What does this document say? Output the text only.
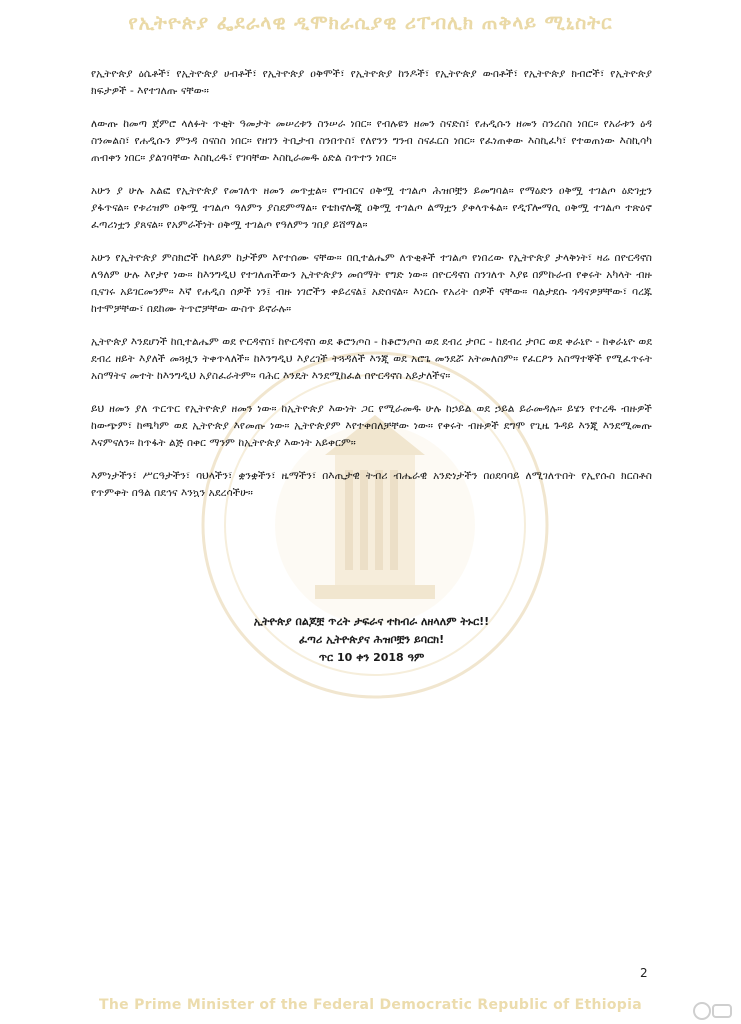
የኢትዮጵያ ፌደራላዊ ዲሞክራሲያዊ ሪፐብሊክ ጠቅላይ ሚኒስትር

የኢትዮጵያ ዕሴቶች፣ የኢትዮጵያ ሀብቶች፣ የኢትዮጵያ ዐቅሞች፣ የኢትዮጵያ ከንዶች፣ የኢትዮጵያ ውበቶች፣ የኢትዮጵያ ክብሮች፣ የኢትዮጵያ ክፍታዎች - እየተገለጡ ናቸው።

ለውጡ ከመጣ ጀምሮ ላለፉት ጥቂት ዓመታት መሠረቱን ስንሠራ ነበር። የብሉዩን ዘመን ስናድስ፣ የሐዲሱን ዘመን ስንረስስ ነበር። የአራቱን ዕዳ ስንመልስ፣ የሐዲሱን ምንዳ ስናስስ ነበር። የዘገን ትቢታብ ስንበጥስ፣ የለየንን ግንብ ስናፈርስ ነበር። የፈነጠቀው እስኪፈካ፣ የተወጠነው እስኪሳካ ጠብቀን ነበር። ያልገባቸው እስኪረዱ፣ የገባቸው እስኪራመዱ ዕድል ስጥተን ነበር።

አሁን ያ ሁሉ አልፎ የኢትዮጵያ የመገለጥ ዘመን መጥቷል። የግብርና ዐቅሟ ተገልጦ ሕዝቦቿን ይመግባል። የማዕድን ዐቅሟ ተገልጦ ዕድገቷን ያፋጥናል። የቱሪዝም ዐቅሟ ተገልጦ ዓለምን ያስደምማል። የቴክኖሎጂ ዐቅሟ ተገልጦ ልማቷን ያቀላጥፋል። የዲፕሎማሲ ዐቅሟ ተገልጦ ተጽዕኖ ፈጣሪነቷን ያጸናል። የአምራችነት ዐቅሟ ተገልጦ የዓለምን ገበያ ይሸማል።

አሁን የኢትዮጵያ ምስክሮች ከላይም ከታችም እየተሰሙ ናቸው። በቢተልሔም ለጥቂቶች ተገልጦ የነበረው የኢትዮጵያ ታላቅነት፣ ዛሬ በዮርዳኖስ ለዓለም ሁሉ እየታየ ነው። ከእንግዲህ የተገለጠችውን ኢትዮጵያን መሰማት የግድ ነው። በዮርዳኖስ ስንገለጥ እያዩ በምኩራብ የቀሩት አካላት ብዙ ቢናገሩ አይገርመንም። እኛ የሐዲስ ሰዎች ነን፤ ብዙ ነገሮችን ቀይረናል፤ አድሰናል። እነርሱ የአሪት ሰዎች ናቸው። ባልታደሱ ጎዳናዎቻቸው፣ ባረጁ ከተሞቻቸው፣ በደከሙ ትጥሮቻቸው ውስጥ ይኖራሉ።

ኢትዮጵያ እንደሆነች ከቢተልሔም ወደ ዮርዳኖስ፣ ከዮርዳኖስ ወደ ቆሮንጦስ - ከቆሮንጦስ ወደ ደብረ ታቦር - ከደብረ ታቦር ወደ ቀራኒዮ - ከቀራኒዮ ወደ ደብረ ዘይት እያለች መጓዟን ትቀጥላለች። ከእንግዲህ እያረገች ትጓዳለች እንጂ ወደ አሮጌ መንደሯ አትመለስም። የፈርዖን አስማተኞች የሚፈጥሩት አስማትና መተት ከእንግዲህ አያስፈራትም። ባሕር እንዴት እንደሚከፈል በዮርዳኖስ አይታለችና።

ይህ ዘመን ያለ ጥርጥር የኢትዮጵያ ዘመን ነው። ከኢትዮጵያ እውነት ጋር የሚራመዱ ሁሉ ከኃይል ወደ ኃይል ይራመዳሉ። ይሄን የተረዱ ብዙዎች ከውጭም፣ ከጫካም ወደ ኢትዮጵያ እየመጡ ነው። ኢትዮጵያም እየተቀበለቻቸው ነው። የቀሩት ብዙዎች ደግሞ የጊዜ ጉዳይ እንጂ እንደሚመጡ እናምናለን። ከጥፋት ልጅ በቀር ማንም ከኢትዮጵያ እውነት አይቀርም።

እምነታችን፣ ሥርዓታችን፣ ባህላችን፣ ቋንቋችን፣ ዜማችን፣ በእጢታዊ ትብሪ ብሔራዊ አንድነታችን በዐደባባይ ለሚገለጥበት የኢየሱስ ክርስቶስ የጥምቀት በዓል በደኅና እንኳን አደረሳችሁ።

ኢትዮጵያ በልጆቿ ጥረት ታፍራና ተከብራ ለዘላለም ትኑር!!
ፈጣሪ ኢትዮጵያና ሕዝቦቿን ይባርክ!
ጥር 10 ቀን 2018 ዓም
2
The Prime Minister of the Federal Democratic Republic of Ethiopia
